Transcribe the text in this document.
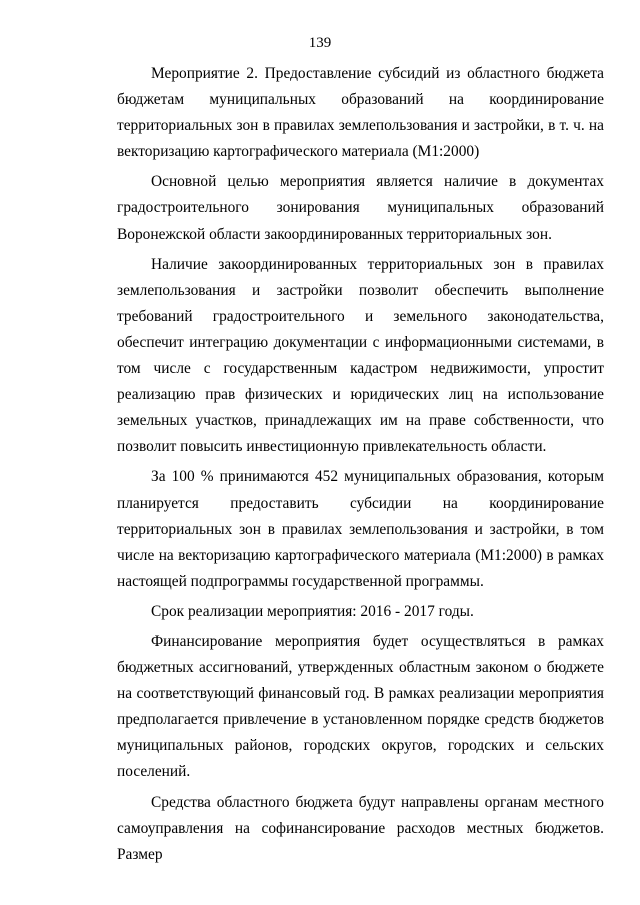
139

Мероприятие 2. Предоставление субсидий из областного бюджета бюджетам муниципальных образований на координирование территориальных зон в правилах землепользования и застройки, в т. ч. на векторизацию картографического материала (М1:2000)

Основной целью мероприятия является наличие в документах градостроительного зонирования муниципальных образований Воронежской области закоординированных территориальных зон.

Наличие закоординированных территориальных зон в правилах землепользования и застройки позволит обеспечить выполнение требований градостроительного и земельного законодательства, обеспечит интеграцию документации с информационными системами, в том числе с государственным кадастром недвижимости, упростит реализацию прав физических и юридических лиц на использование земельных участков, принадлежащих им на праве собственности, что позволит повысить инвестиционную привлекательность области.

За 100 % принимаются 452 муниципальных образования, которым планируется предоставить субсидии на координирование территориальных зон в правилах землепользования и застройки, в том числе на векторизацию картографического материала (М1:2000) в рамках настоящей подпрограммы государственной программы.

Срок реализации мероприятия: 2016 - 2017 годы.

Финансирование мероприятия будет осуществляться в рамках бюджетных ассигнований, утвержденных областным законом о бюджете на соответствующий финансовый год. В рамках реализации мероприятия предполагается привлечение в установленном порядке средств бюджетов муниципальных районов, городских округов, городских и сельских поселений.

Средства областного бюджета будут направлены органам местного самоуправления на софинансирование расходов местных бюджетов. Размер
